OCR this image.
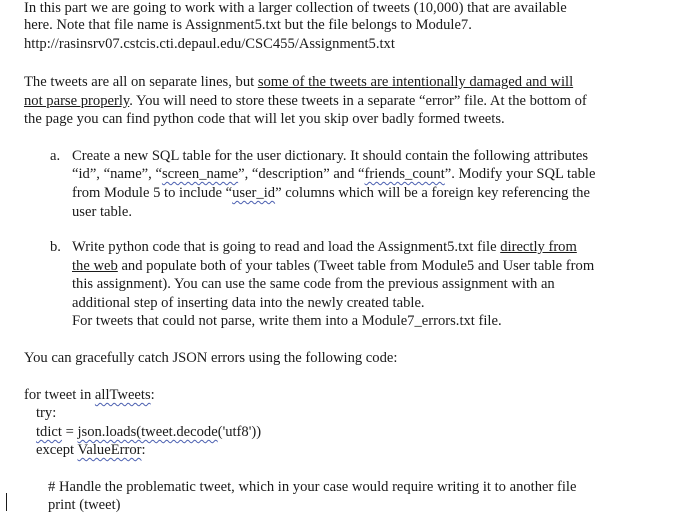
In this part we are going to work with a larger collection of tweets (10,000) that are available
here. Note that file name is Assignment5.txt but the file belongs to Module7.
http://rasinsrv07.cstcis.cti.depaul.edu/CSC455/Assignment5.txt
The tweets are all on separate lines, but some of the tweets are intentionally damaged and will
not parse properly. You will need to store these tweets in a separate “error” file. At the bottom of
the page you can find python code that will let you skip over badly formed tweets.
a. Create a new SQL table for the user dictionary. It should contain the following attributes
“id”, “name”, “screen_name”, “description” and “friends_count”. Modify your SQL table
from Module 5 to include “user_id” columns which will be a foreign key referencing the
user table.
b. Write python code that is going to read and load the Assignment5.txt file directly from
the web and populate both of your tables (Tweet table from Module5 and User table from
this assignment). You can use the same code from the previous assignment with an
additional step of inserting data into the newly created table.
For tweets that could not parse, write them into a Module7_errors.txt file.
You can gracefully catch JSON errors using the following code:
for tweet in allTweets:
try:
tdict = json.loads(tweet.decode('utf8'))
except ValueError:
# Handle the problematic tweet, which in your case would require writing it to another file
print (tweet)
